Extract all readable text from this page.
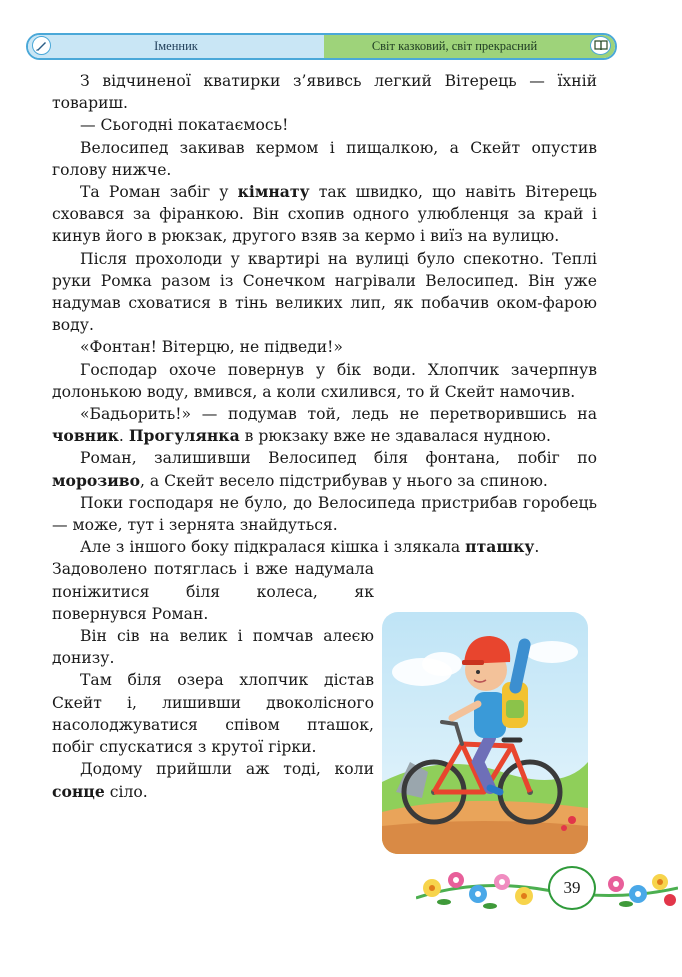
Іменник	Світ казковий, світ прекрасний

З відчиненої кватирки з’явивсь легкий Вітерець — їхній товариш.

— Сьогодні покатаємось!

Велосипед закивав кермом і пищалкою, а Скейт опустив голову нижче.

Та Роман забіг у кімнату так швидко, що навіть Вітерець сховався за фіранкою. Він схопив одного улюбленця за край і кинув його в рюкзак, другого взяв за кермо і виїз на вулицю.

Після прохолоди у квартирі на вулиці було спекотно. Теплі руки Ромка разом із Сонечком нагрівали Велосипед. Він уже надумав сховатися в тінь великих лип, як побачив оком-фарою воду.

«Фонтан! Вітерцю, не підведи!»

Господар охоче повернув у бік води. Хлопчик зачерпнув долонькою воду, вмився, а коли схилився, то й Скейт намочив.

«Бадьорить!» — подумав той, ледь не перетворившись на човник. Прогулянка в рюкзаку вже не здавалася нудною.

Роман, залишивши Велосипед біля фонтана, побіг по морозиво, а Скейт весело підстрибував у нього за спиною.

Поки господаря не було, до Велосипеда пристрибав горобець — може, тут і зернята знайдуться.

Але з іншого боку підкралася кішка і злякала пташку.

Задоволено потяглась і вже надумала поніжитися біля колеса, як повернувся Роман.

Він сів на велик і помчав алеєю донизу.

Там біля озера хлопчик дістав Скейт і, лишивши двоколісного насолоджуватися співом пташок, побіг спускатися з крутої гірки.

Додому прийшли аж тоді, коли сонце сіло.

39
